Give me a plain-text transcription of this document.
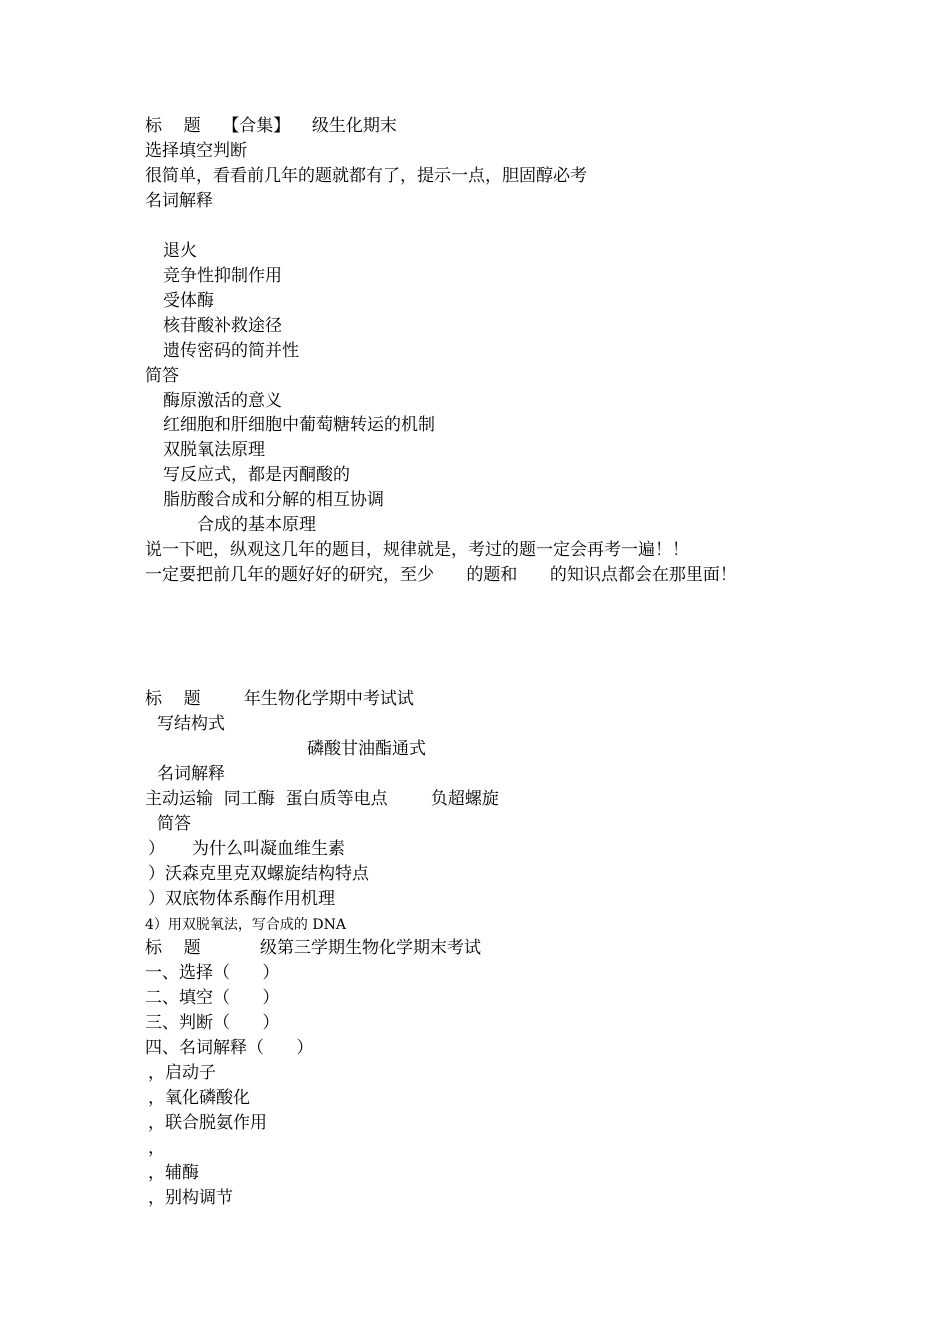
标    题    【合集】    级生化期末
选择填空判断
很简单，看看前几年的题就都有了，提示一点，胆固醇必考
名词解释
退火
竞争性抑制作用
受体酶
核苷酸补救途径
遗传密码的简并性
简答
酶原激活的意义
红细胞和肝细胞中葡萄糖转运的机制
双脱氧法原理
写反应式，都是丙酮酸的
脂肪酸合成和分解的相互协调
合成的基本原理
说一下吧，纵观这几年的题目，规律就是，考过的题一定会再考一遍！！
一定要把前几年的题好好的研究，至少      的题和      的知识点都会在那里面！
标    题        年生物化学期中考试试
写结构式
磷酸甘油酯通式
名词解释
主动运输  同工酶  蛋白质等电点        负超螺旋
简答
）     为什么叫凝血维生素
）沃森克里克双螺旋结构特点
）双底物体系酶作用机理
4）用双脱氧法，写合成的 DNA
标    题           级第三学期生物化学期末考试
一、选择（      ）
二、填空（      ）
三、判断（      ）
四、名词解释（      ）
，启动子
，氧化磷酸化
，联合脱氨作用
，
，辅酶
，别构调节
